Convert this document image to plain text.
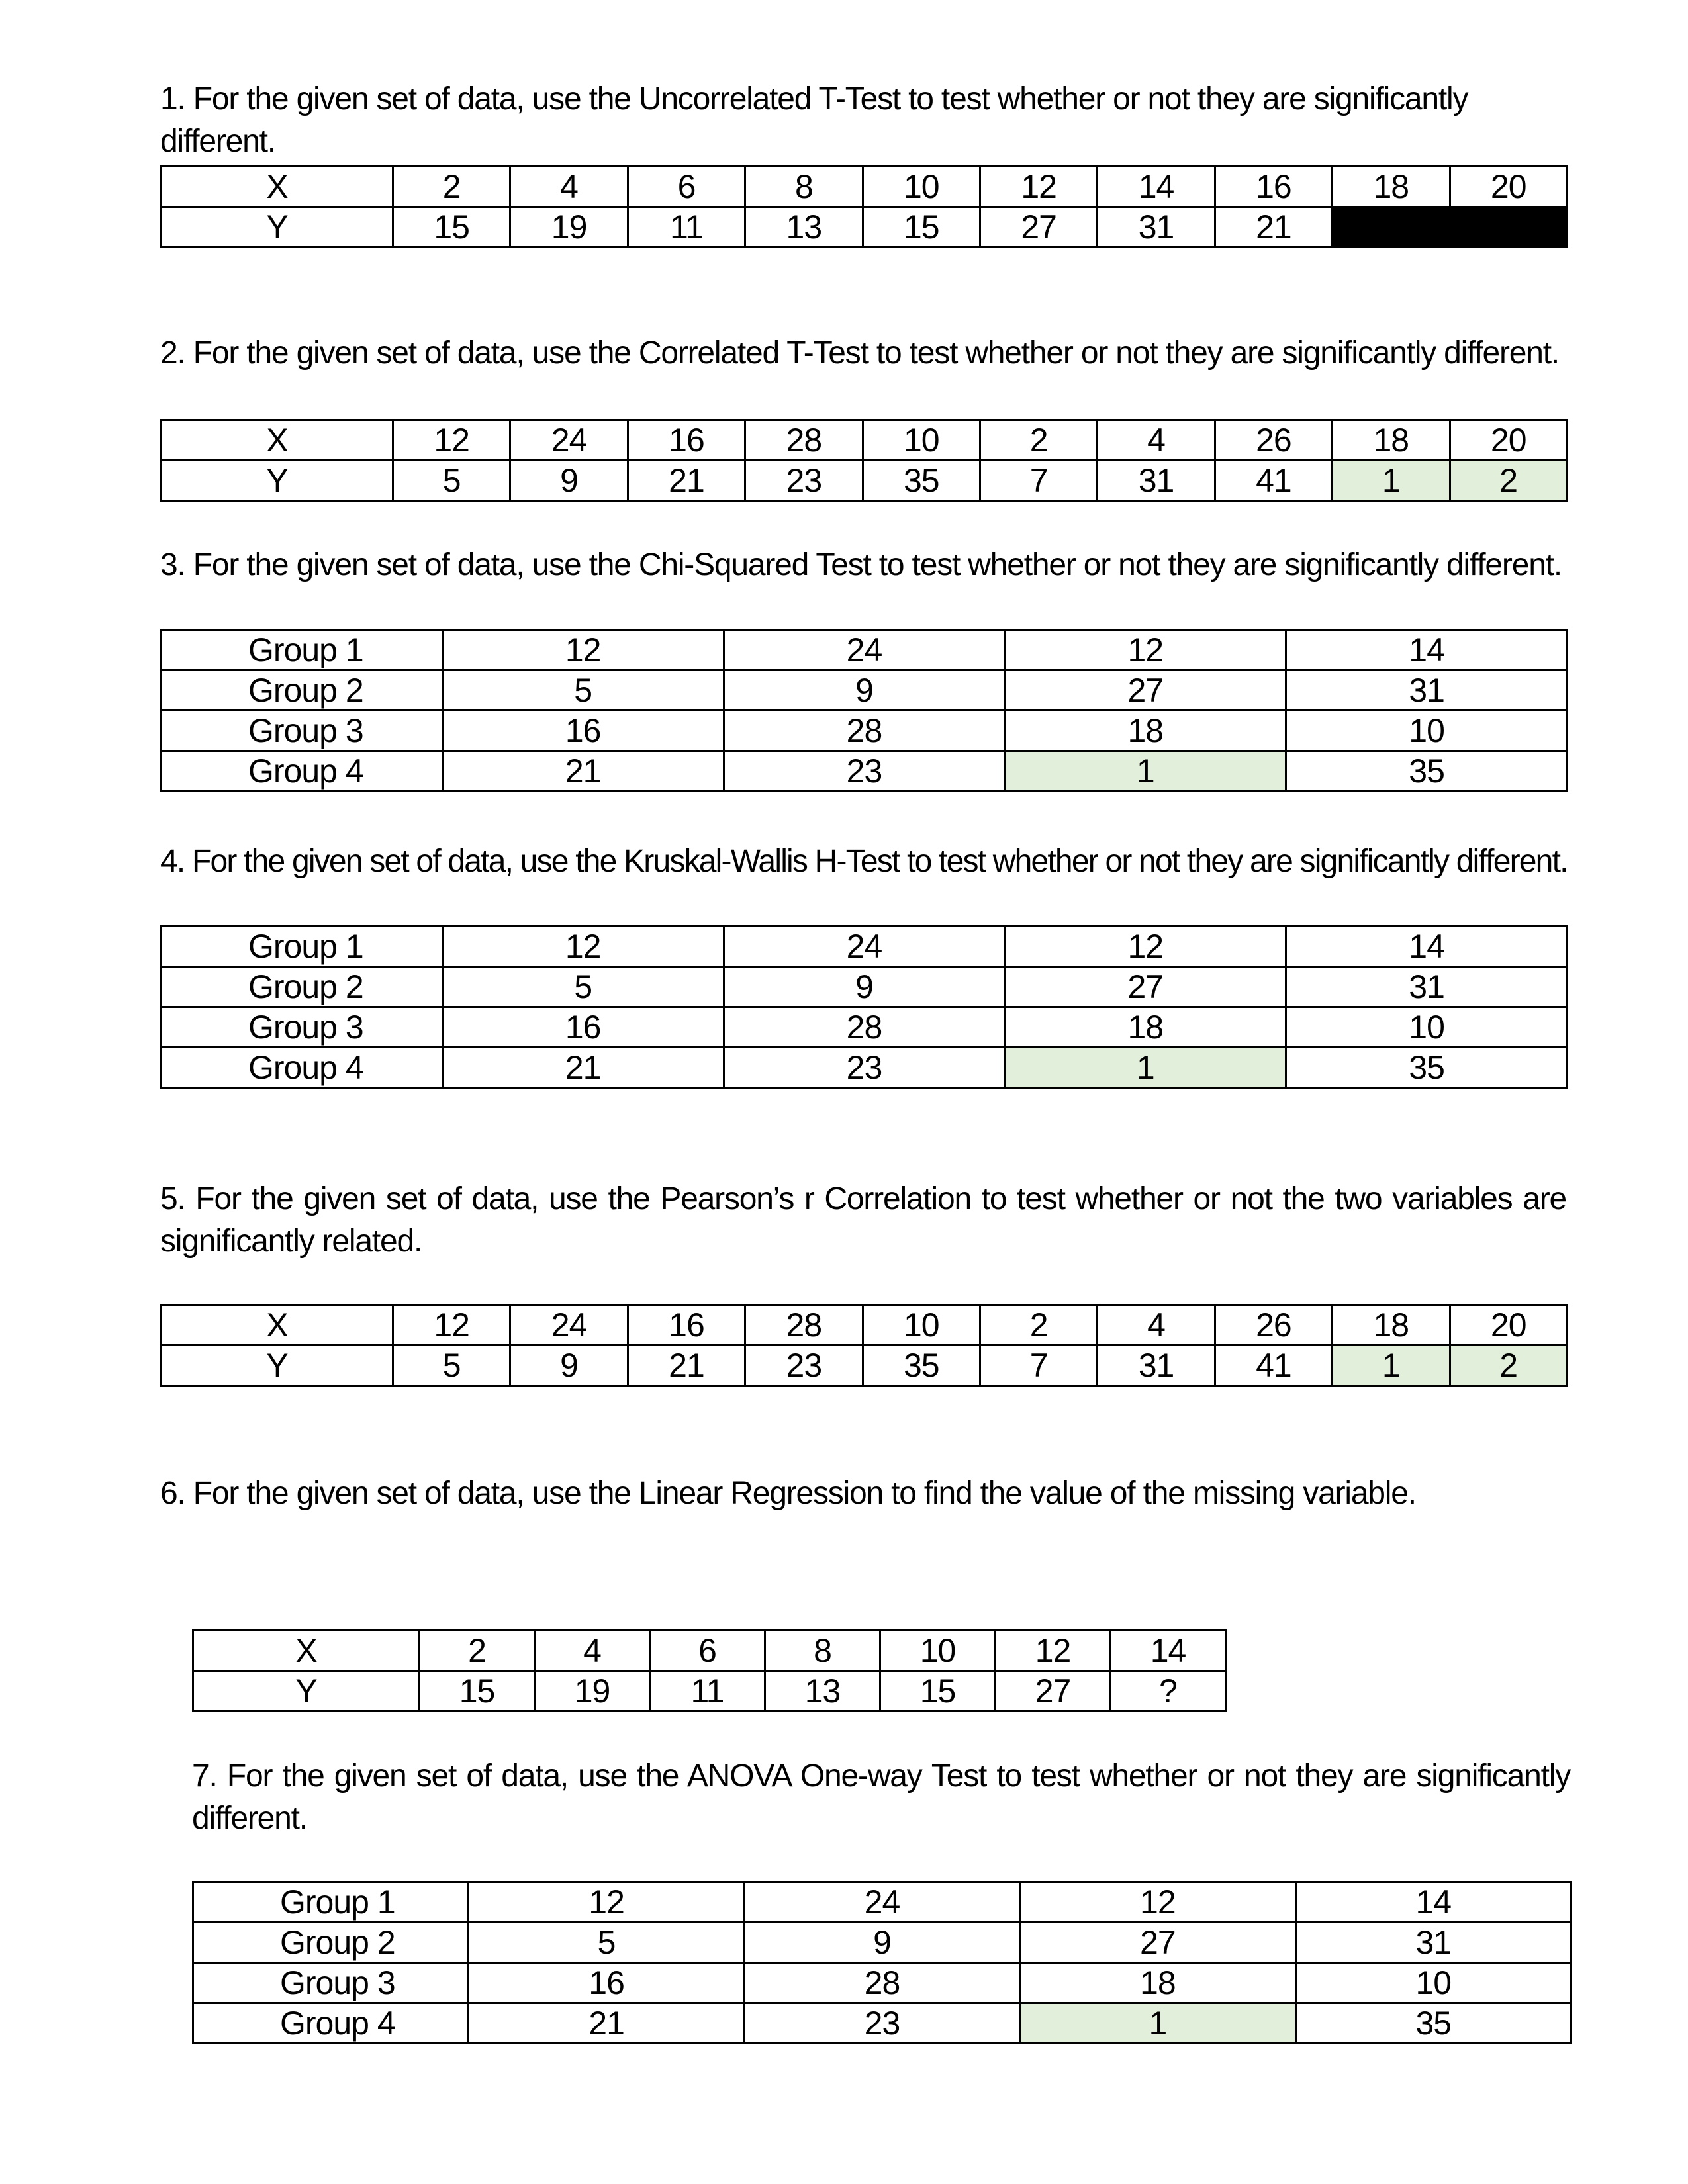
1. For the given set of data, use the Uncorrelated T-Test to test whether or not they are significantly different.

X	2	4	6	8	10	12	14	16	18	20
Y	15	19	11	13	15	27	31	21		

2. For the given set of data, use the Correlated T-Test to test whether or not they are significantly different.

X	12	24	16	28	10	2	4	26	18	20
Y	5	9	21	23	35	7	31	41	1	2

3. For the given set of data, use the Chi-Squared Test to test whether or not they are significantly different.

Group 1	12	24	12	14
Group 2	5	9	27	31
Group 3	16	28	18	10
Group 4	21	23	1	35

4. For the given set of data, use the Kruskal-Wallis H-Test to test whether or not they are significantly different.

Group 1	12	24	12	14
Group 2	5	9	27	31
Group 3	16	28	18	10
Group 4	21	23	1	35

5. For the given set of data, use the Pearson’s r Correlation to test whether or not the two variables are significantly related.

X	12	24	16	28	10	2	4	26	18	20
Y	5	9	21	23	35	7	31	41	1	2

6. For the given set of data, use the Linear Regression to find the value of the missing variable.

X	2	4	6	8	10	12	14
Y	15	19	11	13	15	27	?

7. For the given set of data, use the ANOVA One-way Test to test whether or not they are significantly different.

Group 1	12	24	12	14
Group 2	5	9	27	31
Group 3	16	28	18	10
Group 4	21	23	1	35
